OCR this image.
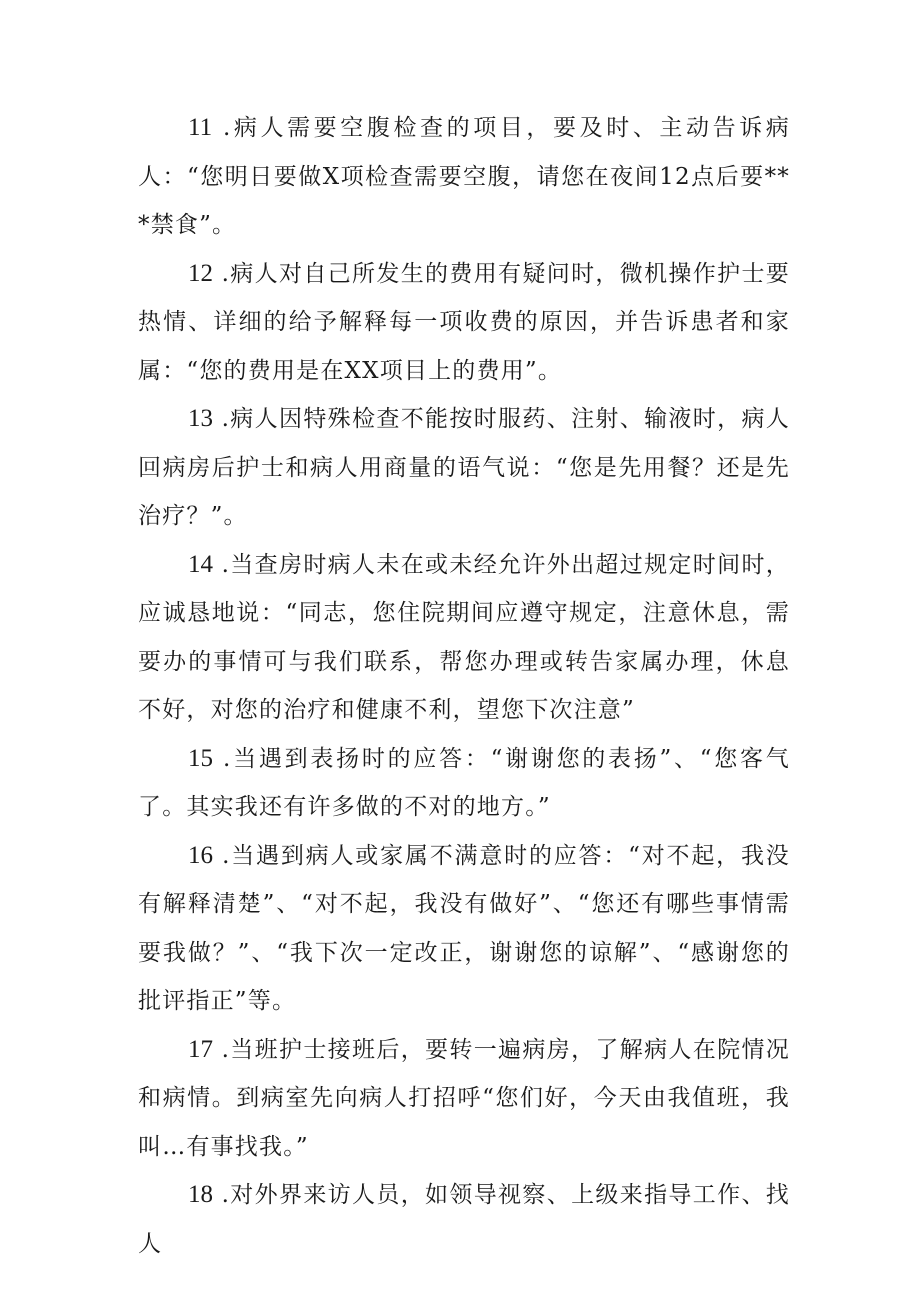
11 .病人需要空腹检查的项目，要及时、主动告诉病人：“您明日要做X项检查需要空腹，请您在夜间12点后要***禁食”。

12 .病人对自己所发生的费用有疑问时，微机操作护士要热情、详细的给予解释每一项收费的原因，并告诉患者和家属：“您的费用是在XX项目上的费用”。

13 .病人因特殊检查不能按时服药、注射、输液时，病人回病房后护士和病人用商量的语气说：“您是先用餐？还是先治疗？”。

14 .当查房时病人未在或未经允许外出超过规定时间时，应诚恳地说：“同志，您住院期间应遵守规定，注意休息，需要办的事情可与我们联系，帮您办理或转告家属办理，休息不好，对您的治疗和健康不利，望您下次注意”

15 .当遇到表扬时的应答：“谢谢您的表扬”、“您客气了。其实我还有许多做的不对的地方。”

16 .当遇到病人或家属不满意时的应答：“对不起，我没有解释清楚”、“对不起，我没有做好”、“您还有哪些事情需要我做？”、“我下次一定改正，谢谢您的谅解”、“感谢您的批评指正”等。

17 .当班护士接班后，要转一遍病房，了解病人在院情况和病情。到病室先向病人打招呼“您们好，今天由我值班，我叫…有事找我。”

18 .对外界来访人员，如领导视察、上级来指导工作、找人
